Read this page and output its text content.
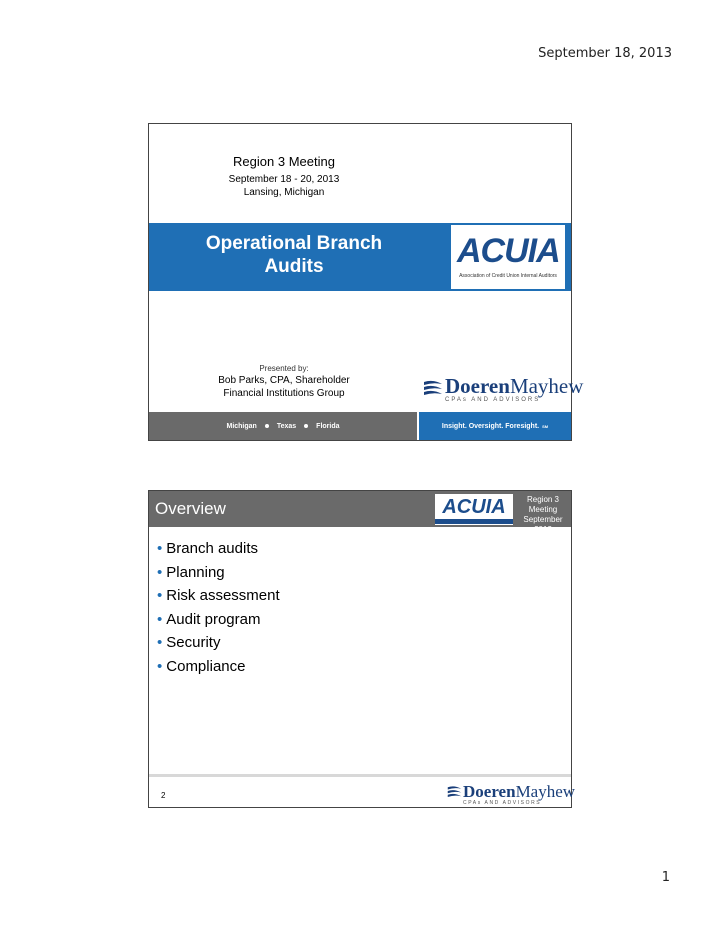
September 18, 2013
Region 3 Meeting
September 18 - 20, 2013
Lansing, Michigan
Operational Branch
Audits	ACUIA
Association of Credit Union Internal Auditors
Presented by:
Bob Parks, CPA, Shareholder
Financial Institutions Group	DoerenMayhew
CPAs AND ADVISORS
Michigan	Texas	Florida	Insight. Oversight. Foresight. SM
Overview	ACUIA	Region 3
Meeting
September 2013
• Branch audits
• Planning
• Risk assessment
• Audit program
• Security
• Compliance
2	DoerenMayhew
CPAs AND ADVISORS
1
